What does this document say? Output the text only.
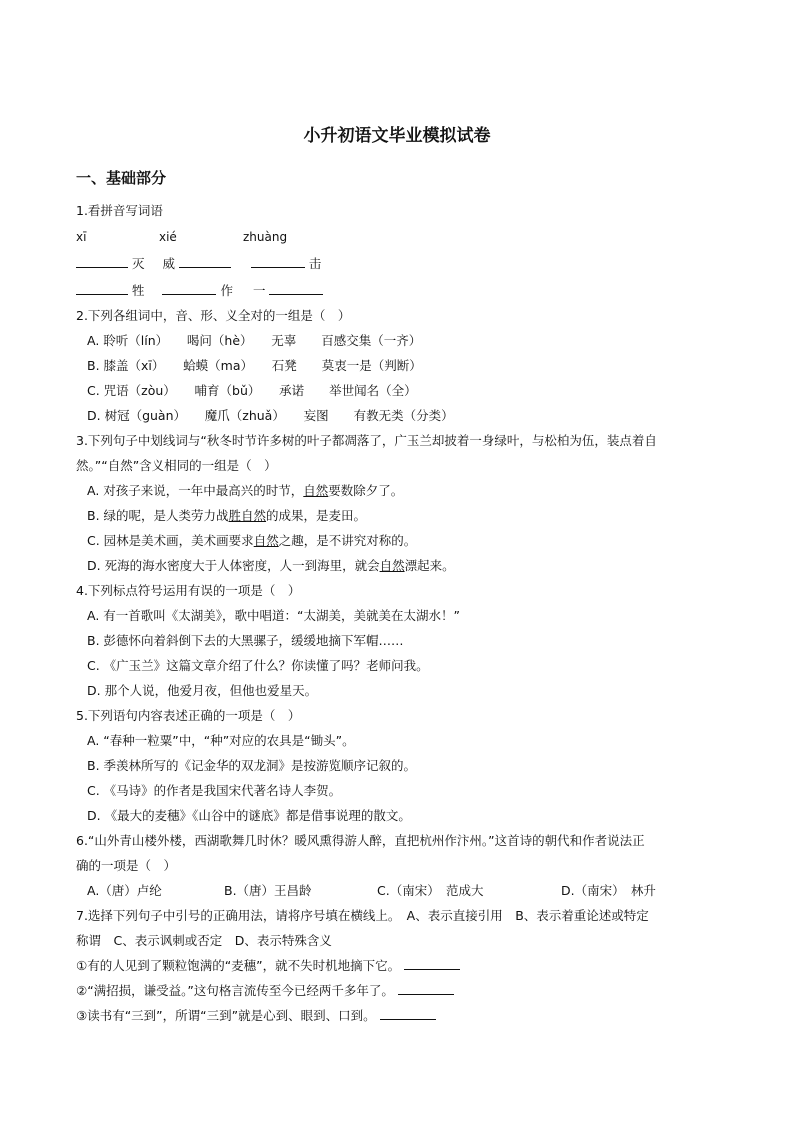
小升初语文毕业模拟试卷
一、基础部分
1.看拼音写词语
xī	xié	zhuàng
灭 威	击
牲	作 一
2.下列各组词中，音、形、义全对的一组是（　）
A. 聆听（lín）　　喝问（hè）　　无辜　　百感交集（一齐）
B. 膝盖（xī）　　蛤蟆（ma）　　石凳　　莫衷一是（判断）
C. 咒语（zòu）　　哺育（bǔ）　　承诺　　举世闻名（全）
D. 树冠（guàn）　　魔爪（zhuǎ）　　妄图　　有教无类（分类）
3.下列句子中划线词与“秋冬时节许多树的叶子都凋落了，广玉兰却披着一身绿叶，与松柏为伍，装点着自
然。”“自然”含义相同的一组是（　）
A. 对孩子来说，一年中最高兴的时节，自然要数除夕了。
B. 绿的呢，是人类劳力战胜自然的成果，是麦田。
C. 园林是美术画，美术画要求自然之趣，是不讲究对称的。
D. 死海的海水密度大于人体密度，人一到海里，就会自然漂起来。
4.下列标点符号运用有误的一项是（　）
A. 有一首歌叫《太湖美》，歌中唱道：“太湖美，美就美在太湖水！”
B. 彭德怀向着斜倒下去的大黑骡子，缓缓地摘下军帽……
C. 《广玉兰》这篇文章介绍了什么？你读懂了吗？老师问我。
D. 那个人说，他爱月夜，但他也爱星天。
5.下列语句内容表述正确的一项是（　）
A. “春种一粒粟”中，“种”对应的农具是“锄头”。
B. 季羡林所写的《记金华的双龙洞》是按游览顺序记叙的。
C. 《马诗》的作者是我国宋代著名诗人李贺。
D. 《最大的麦穗》《山谷中的谜底》都是借事说理的散文。
6.“山外青山楼外楼，西湖歌舞几时休？暖风熏得游人醉，直把杭州作汴州。”这首诗的朝代和作者说法正
确的一项是（　）
A.（唐）卢纶	B.（唐）王昌龄	C.（南宋）　范成大	D.（南宋）　林升
7.选择下列句子中引号的正确用法，请将序号填在横线上。　A、表示直接引用　B、表示着重论述或特定
称谓　C、表示讽刺或否定　D、表示特殊含义
①有的人见到了颗粒饱满的“麦穗”，就不失时机地摘下它。
②“满招损，谦受益。”这句格言流传至今已经两千多年了。
③读书有“三到”，所谓“三到”就是心到、眼到、口到。
